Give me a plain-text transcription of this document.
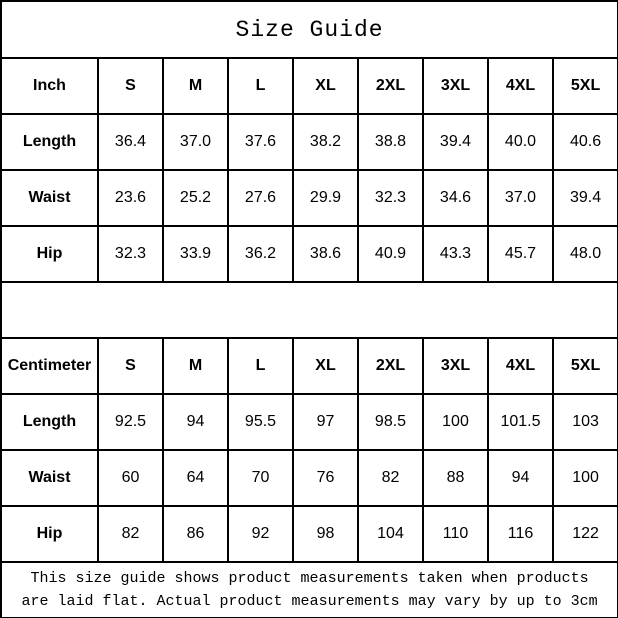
Size Guide								
Inch	S	M	L	XL	2XL	3XL	4XL	5XL
Length	36.4	37.0	37.6	38.2	38.8	39.4	40.0	40.6
Waist	23.6	25.2	27.6	29.9	32.3	34.6	37.0	39.4
Hip	32.3	33.9	36.2	38.6	40.9	43.3	45.7	48.0

Centimeter	S	M	L	XL	2XL	3XL	4XL	5XL
Length	92.5	94	95.5	97	98.5	100	101.5	103
Waist	60	64	70	76	82	88	94	100
Hip	82	86	92	98	104	110	116	122

This size guide shows product measurements taken when products
are laid flat. Actual product measurements may vary by up to 3cm								
